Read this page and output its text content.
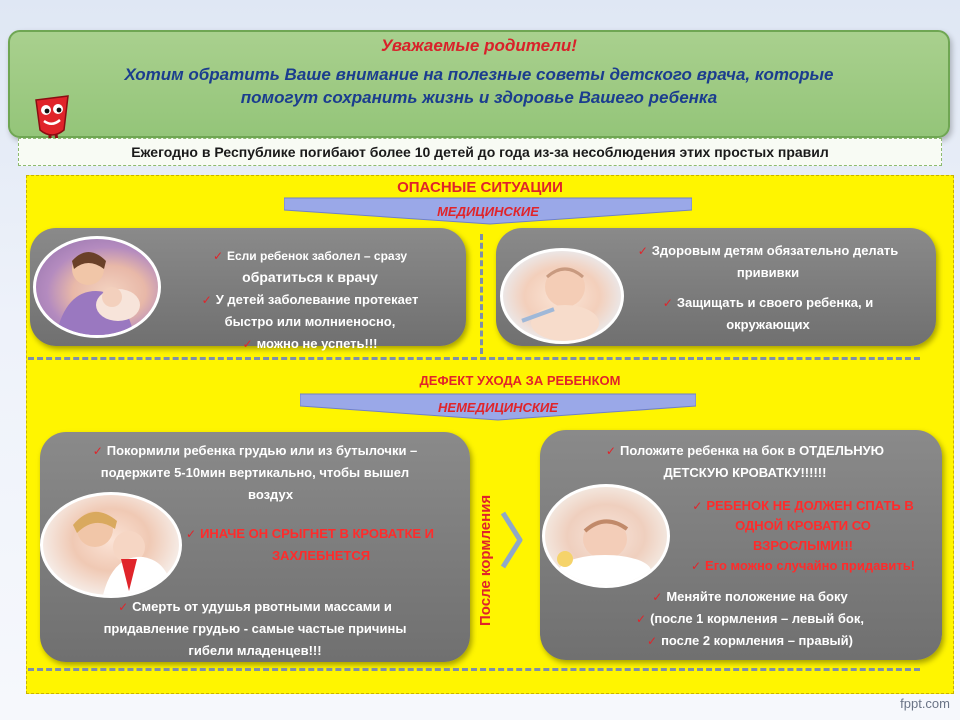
Уважаемые родители!
Хотим обратить Ваше внимание на полезные советы детского врача, которые
помогут сохранить жизнь и здоровье Вашего ребенка
Ежегодно в Республике погибают более 10 детей до года из-за несоблюдения этих простых правил
ОПАСНЫЕ СИТУАЦИИ
МЕДИЦИНСКИЕ
✓ Если ребенок заболел – сразу
обратиться к врачу
✓ У детей заболевание протекает
быстро или молниеносно,
✓ можно не успеть!!!
✓ Здоровым детям обязательно делать
прививки
✓ Защищать и своего ребенка, и
окружающих
ДЕФЕКТ УХОДА ЗА РЕБЕНКОМ
НЕМЕДИЦИНСКИЕ
✓ Покормили ребенка грудью или из бутылочки –
подержите 5-10мин вертикально, чтобы вышел
воздух
✓ ИНАЧЕ ОН СРЫГНЕТ В КРОВАТКЕ И
ЗАХЛЕБНЕТСЯ
✓ Смерть от удушья рвотными массами и
придавление грудью - самые частые причины
гибели младенцев!!!
После кормления
✓ Положите ребенка на бок в ОТДЕЛЬНУЮ
ДЕТСКУЮ КРОВАТКУ!!!!!!
✓ РЕБЕНОК НЕ ДОЛЖЕН СПАТЬ В
ОДНОЙ КРОВАТИ СО
ВЗРОСЛЫМИ!!!
✓ Его можно случайно придавить!
✓ Меняйте положение на боку
✓ (после 1 кормления – левый бок,
✓ после 2 кормления – правый)
fppt.com
